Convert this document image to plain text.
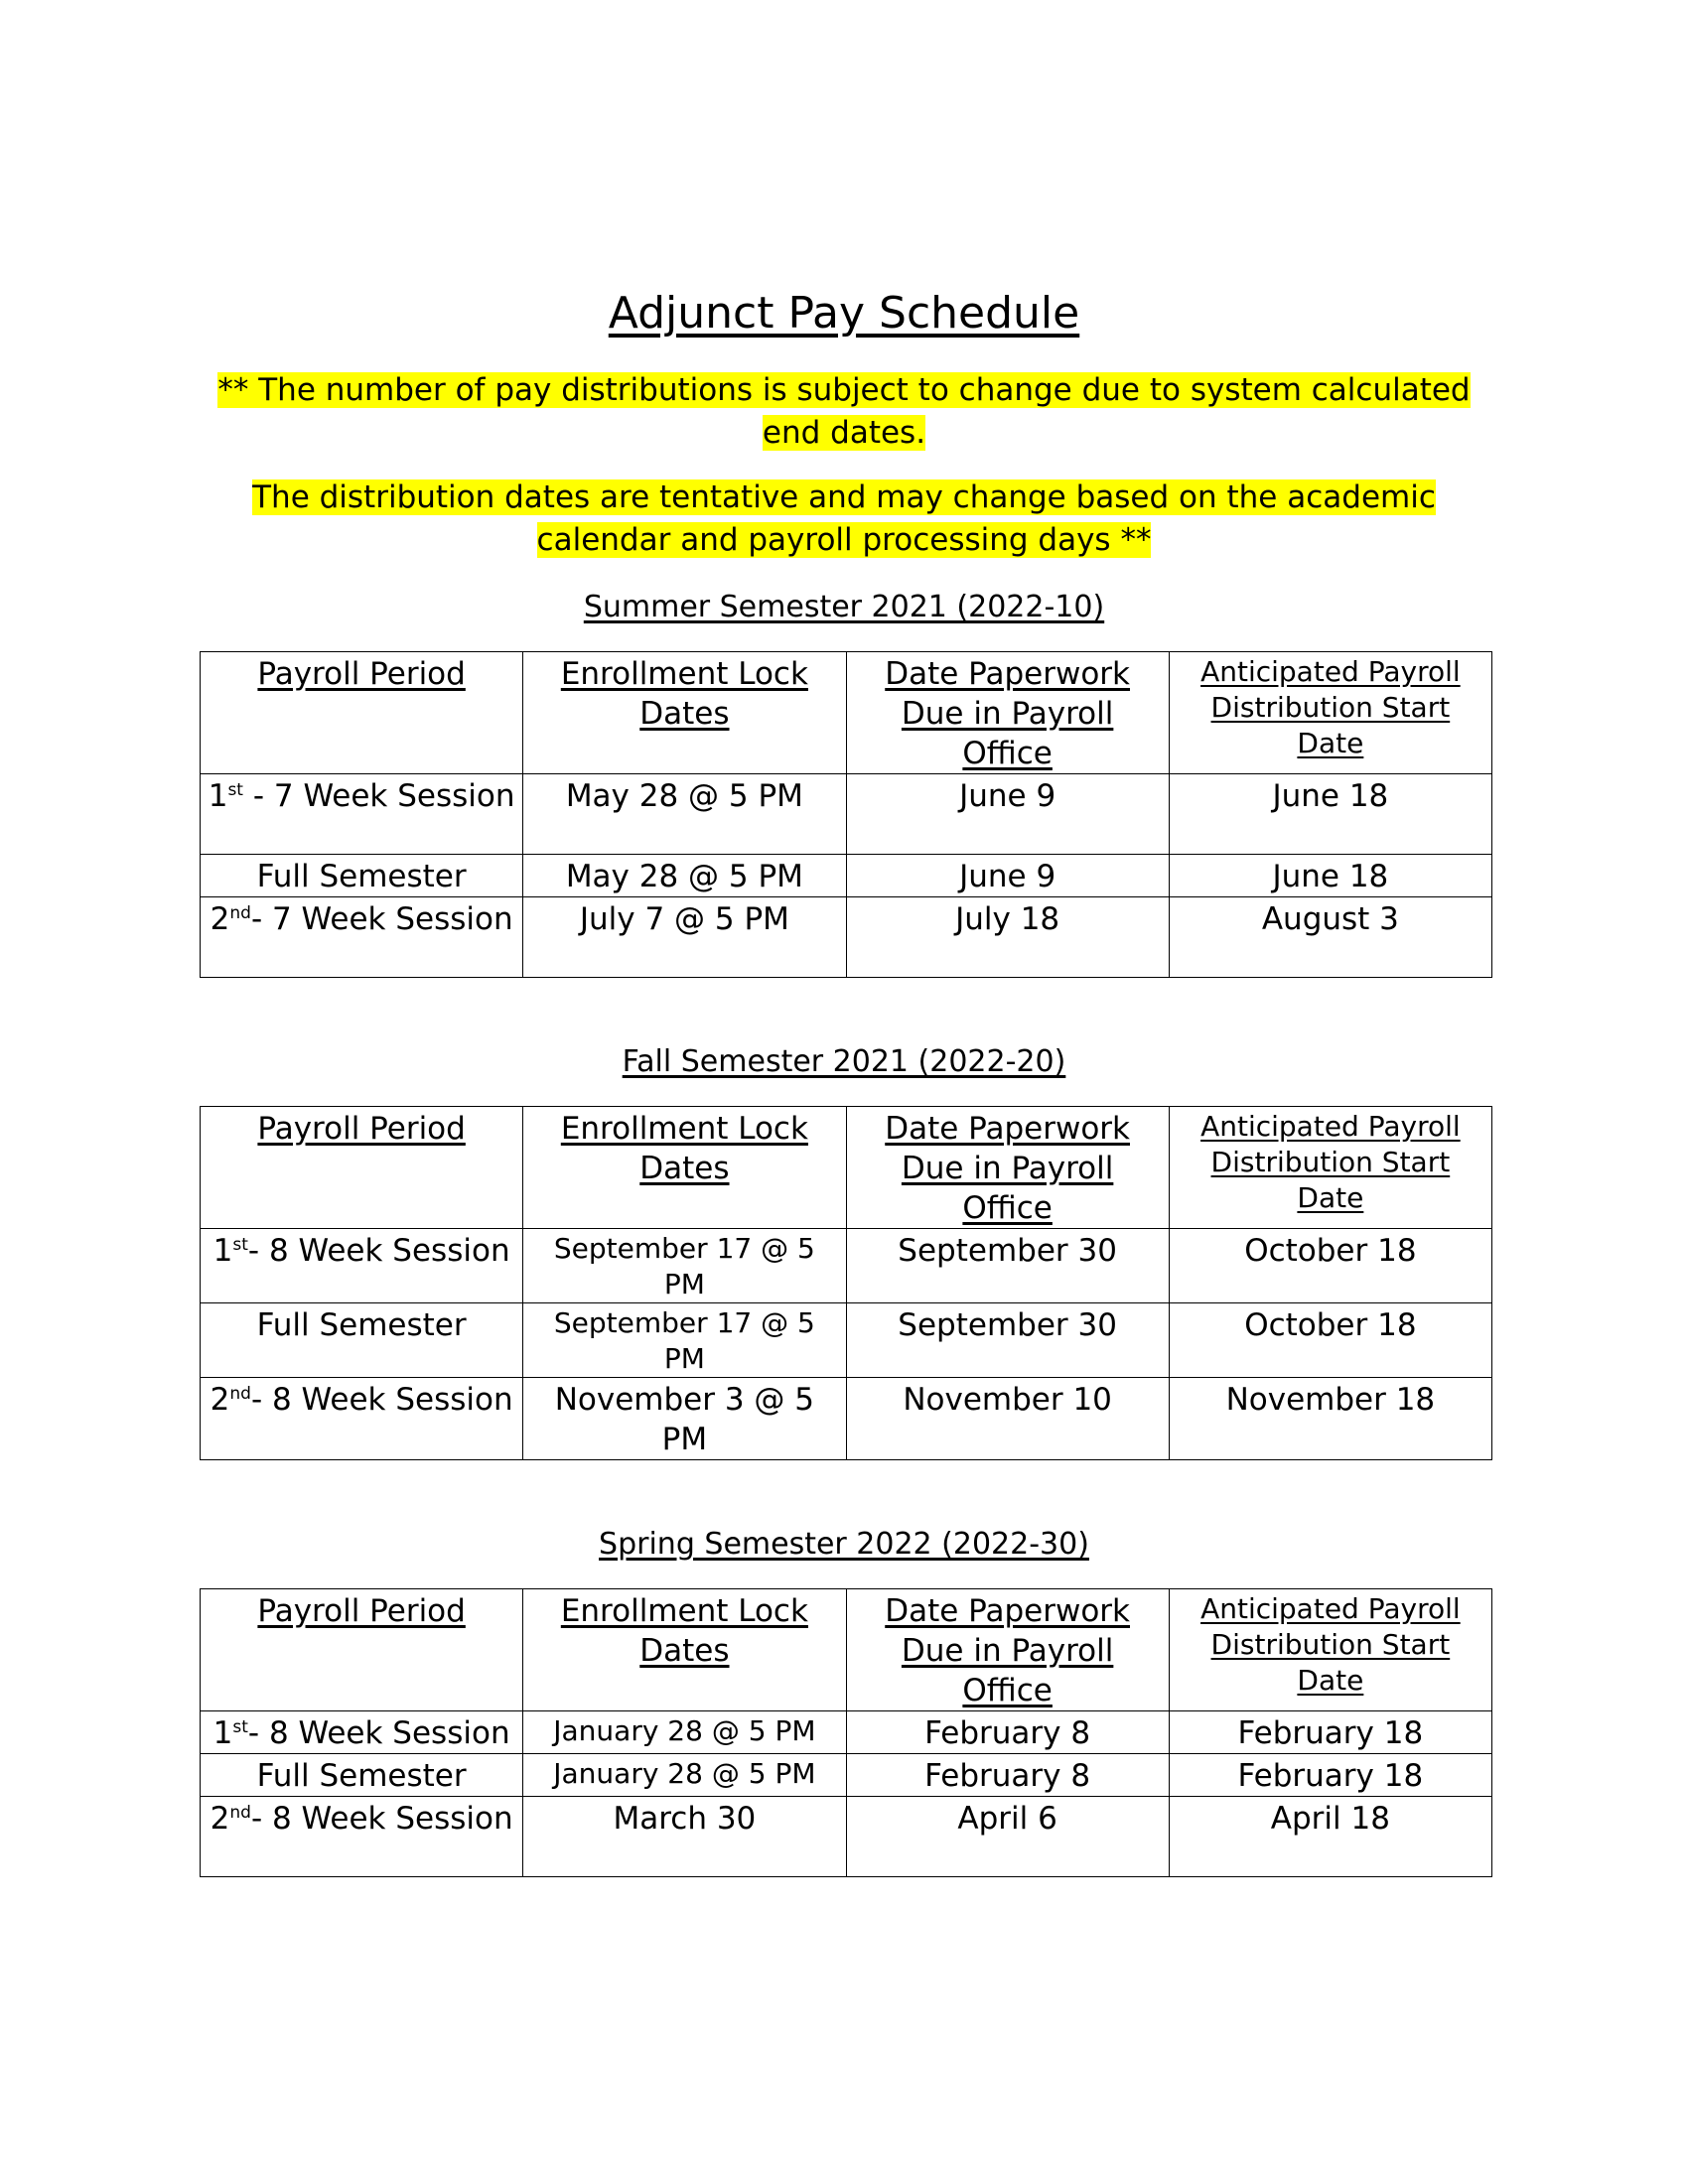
Adjunct Pay Schedule
** The number of pay distributions is subject to change due to system calculated end dates.
The distribution dates are tentative and may change based on the academic calendar and payroll processing days **
Summer Semester 2021 (2022-10)
Payroll Period	Enrollment Lock Dates	Date Paperwork Due in Payroll Office	Anticipated Payroll Distribution Start Date
1st - 7 Week Session	May 28 @ 5 PM	June 9	June 18
Full Semester	May 28 @ 5 PM	June 9	June 18
2nd- 7 Week Session	July 7 @ 5 PM	July 18	August 3
Fall Semester 2021 (2022-20)
Payroll Period	Enrollment Lock Dates	Date Paperwork Due in Payroll Office	Anticipated Payroll Distribution Start Date
1st- 8 Week Session	September 17 @ 5 PM	September 30	October 18
Full Semester	September 17 @ 5 PM	September 30	October 18
2nd- 8 Week Session	November 3 @ 5 PM	November 10	November 18
Spring Semester 2022 (2022-30)
Payroll Period	Enrollment Lock Dates	Date Paperwork Due in Payroll Office	Anticipated Payroll Distribution Start Date
1st- 8 Week Session	January 28 @ 5 PM	February 8	February 18
Full Semester	January 28 @ 5 PM	February 8	February 18
2nd- 8 Week Session	March 30	April 6	April 18
